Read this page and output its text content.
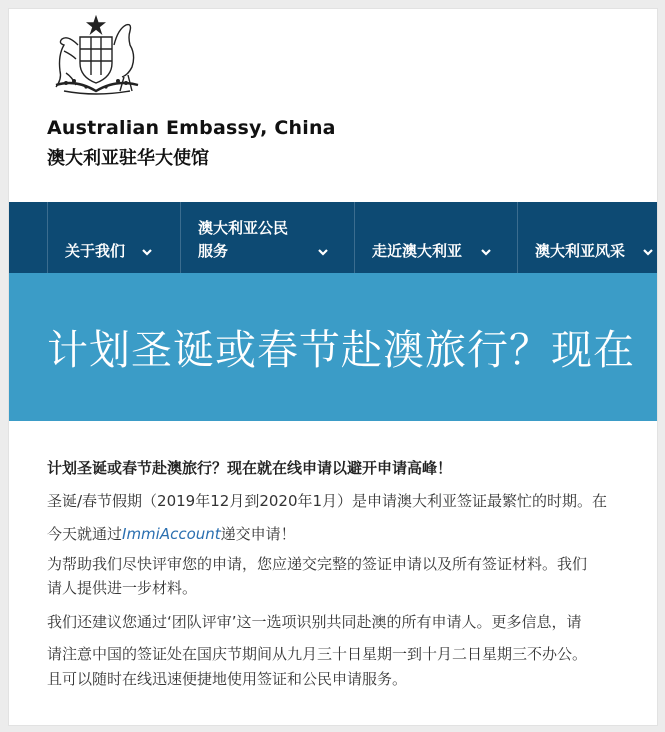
Australian Embassy, China
澳大利亚驻华大使馆
关于我们
澳大利亚公民
服务	走近澳大利亚	澳大利亚风采
计划圣诞或春节赴澳旅行？现在

计划圣诞或春节赴澳旅行？现在就在线申请以避开申请高峰！

圣诞/春节假期（2019年12月到2020年1月）是申请澳大利亚签证最繁忙的时期。在

今天就通过ImmiAccount递交申请！

为帮助我们尽快评审您的申请，您应递交完整的签证申请以及所有签证材料。我们
请人提供进一步材料。

我们还建议您通过‘团队评审’这一选项识别共同赴澳的所有申请人。更多信息，请

请注意中国的签证处在国庆节期间从九月三十日星期一到十月二日星期三不办公。
且可以随时在线迅速便捷地使用签证和公民申请服务。
